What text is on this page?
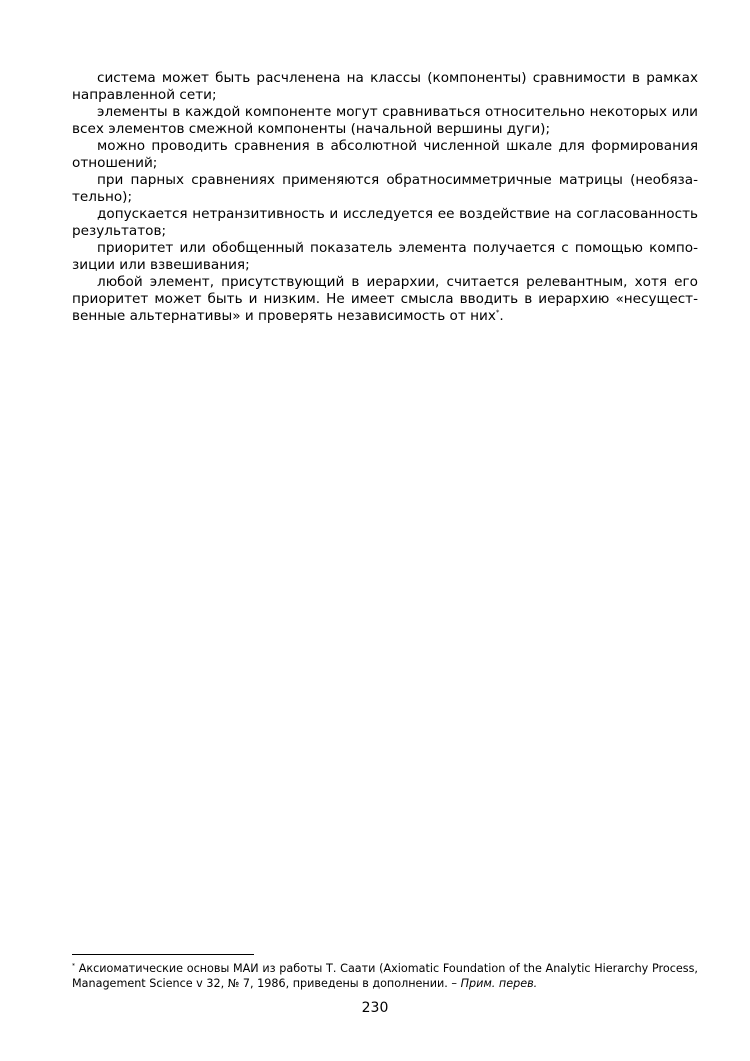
система может быть расчленена на классы (компоненты) сравнимости в рамках направленной сети;

элементы в каждой компоненте могут сравниваться относительно некоторых или всех элементов смежной компоненты (начальной вершины дуги);

можно проводить сравнения в абсолютной численной шкале для формирования отношений;

при парных сравнениях применяются обратносимметричные матрицы (необязательно);

допускается нетранзитивность и исследуется ее воздействие на согласованность результатов;

приоритет или обобщенный показатель элемента получается с помощью композиции или взвешивания;

любой элемент, присутствующий в иерархии, считается релевантным, хотя его приоритет может быть и низким. Не имеет смысла вводить в иерархию «несущественные альтернативы» и проверять независимость от них*.

* Аксиоматические основы МАИ из работы Т. Саати (Axiomatic Foundation of the Analytic Hierarchy Process, Management Science v 32, № 7, 1986, приведены в дополнении. – Прим. перев.

230
